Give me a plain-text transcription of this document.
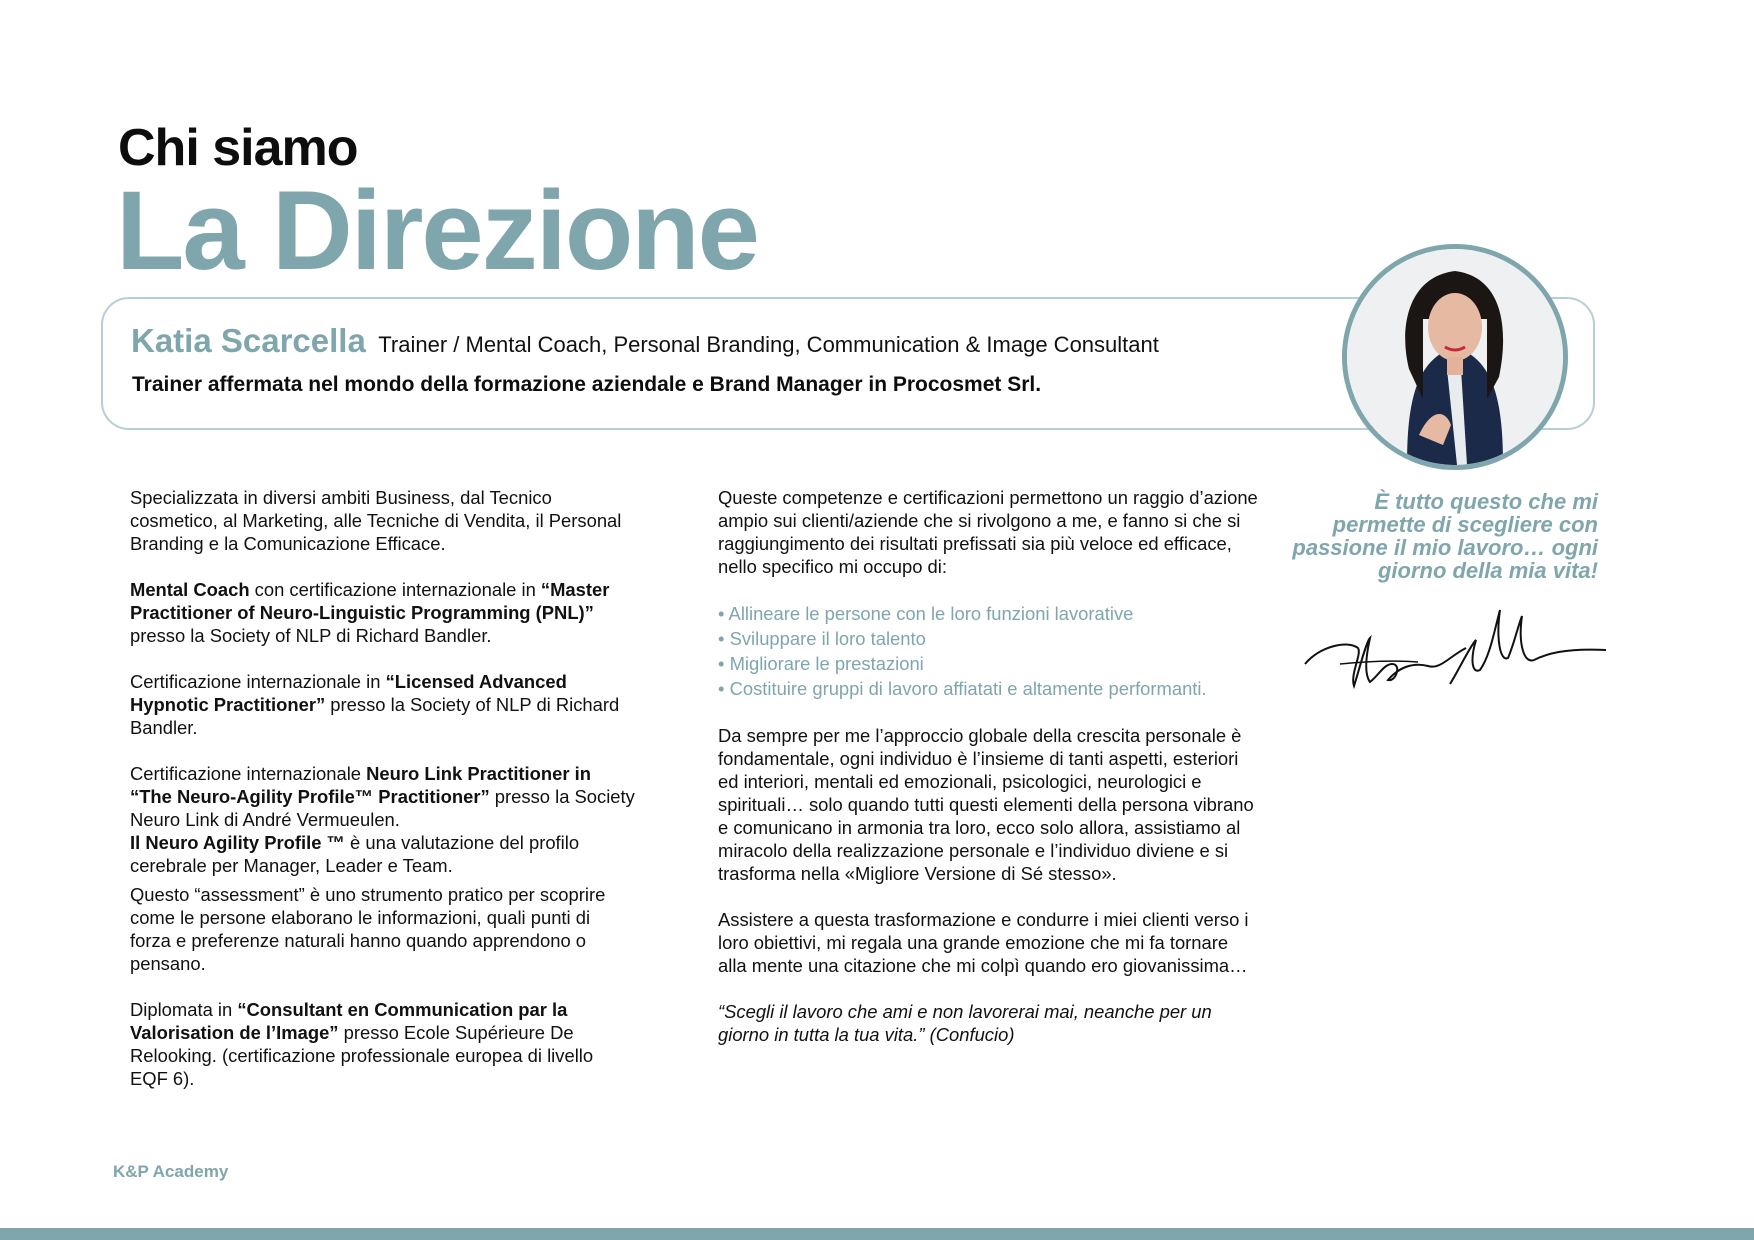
Chi siamo
La Direzione
Katia Scarcella Trainer / Mental Coach, Personal Branding, Communication & Image Consultant

Trainer affermata nel mondo della formazione aziendale e Brand Manager in Procosmet Srl.

Specializzata in diversi ambiti Business, dal Tecnico cosmetico, al Marketing, alle Tecniche di Vendita, il Personal Branding e la Comunicazione Efficace.

Mental Coach con certificazione internazionale in “Master Practitioner of Neuro-Linguistic Programming (PNL)” presso la Society of NLP di Richard Bandler.

Certificazione internazionale in “Licensed Advanced Hypnotic Practitioner” presso la Society of NLP di Richard Bandler.

Certificazione internazionale Neuro Link Practitioner in “The Neuro-Agility Profile™ Practitioner” presso la Society Neuro Link di André Vermueulen.
Il Neuro Agility Profile ™ è una valutazione del profilo cerebrale per Manager, Leader e Team.

Questo “assessment” è uno strumento pratico per scoprire come le persone elaborano le informazioni, quali punti di forza e preferenze naturali hanno quando apprendono o pensano.

Diplomata in “Consultant en Communication par la Valorisation de l’Image” presso Ecole Supérieure De Relooking. (certificazione professionale europea di livello EQF 6).

Queste competenze e certificazioni permettono un raggio d’azione ampio sui clienti/aziende che si rivolgono a me, e fanno si che si raggiungimento dei risultati prefissati sia più veloce ed efficace, nello specifico mi occupo di:

• Allineare le persone con le loro funzioni lavorative
• Sviluppare il loro talento
• Migliorare le prestazioni
• Costituire gruppi di lavoro affiatati e altamente performanti.

Da sempre per me l’approccio globale della crescita personale è fondamentale, ogni individuo è l’insieme di tanti aspetti, esteriori ed interiori, mentali ed emozionali, psicologici, neurologici e spirituali… solo quando tutti questi elementi della persona vibrano e comunicano in armonia tra loro, ecco solo allora, assistiamo al miracolo della realizzazione personale e l’individuo diviene e si trasforma nella «Migliore Versione di Sé stesso».

Assistere a questa trasformazione e condurre i miei clienti verso i loro obiettivi, mi regala una grande emozione che mi fa tornare alla mente una citazione che mi colpì quando ero giovanissima…

“Scegli il lavoro che ami e non lavorerai mai, neanche per un giorno in tutta la tua vita.” (Confucio)

È tutto questo che mi permette di scegliere con passione il mio lavoro… ogni giorno della mia vita!

K&P Academy
